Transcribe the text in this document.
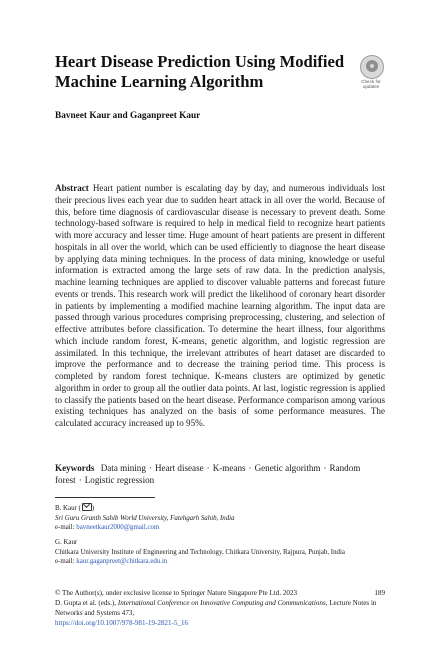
Heart Disease Prediction Using Modified
Machine Learning Algorithm	Check for
updates
Bavneet Kaur and Gaganpreet Kaur
Abstract Heart patient number is escalating day by day, and numerous individuals lost their precious lives each year due to sudden heart attack in all over the world. Because of this, before time diagnosis of cardiovascular disease is necessary to prevent death. Some technology-based software is required to help in medical field to recognize heart patients with more accuracy and lesser time. Huge amount of heart patients are present in different hospitals in all over the world, which can be used efficiently to diagnose the heart disease by applying data mining techniques. In the process of data mining, knowledge or useful information is extracted among the large sets of raw data. In the prediction analysis, machine learning techniques are applied to discover valuable patterns and forecast future events or trends. This research work will predict the likelihood of coronary heart disorder in patients by implementing a modified machine learning algorithm. The input data are passed through various procedures comprising preprocessing, clustering, and selection of effective attributes before classification. To determine the heart illness, four algorithms which include random forest, K-means, genetic algorithm, and logistic regression are assimilated. In this technique, the irrelevant attributes of heart dataset are discarded to improve the performance and to decrease the training period time. This process is completed by random forest technique. K-means clusters are optimized by genetic algorithm in order to group all the outlier data points. At last, logistic regression is applied to classify the patients based on the heart disease. Performance comparison among various existing techniques has analyzed on the basis of some performance measures. The calculated accuracy increased up to 95%.
Keywords Data mining · Heart disease · K-means · Genetic algorithm · Random forest · Logistic regression
B. Kaur ( )
Sri Guru Granth Sahib World University, Fatehgarh Sahib, India
e-mail: bavneetkaur2000@gmail.com
G. Kaur
Chitkara University Institute of Engineering and Technology, Chitkara University, Rajpura, Punjab, India
e-mail: kaur.gaganpreet@chitkara.edu.in
© The Author(s), under exclusive license to Springer Nature Singapore Pte Ltd. 2023	189
D. Gupta et al. (eds.), International Conference on Innovative Computing and Communications, Lecture Notes in Networks and Systems 473,
https://doi.org/10.1007/978-981-19-2821-5_16
